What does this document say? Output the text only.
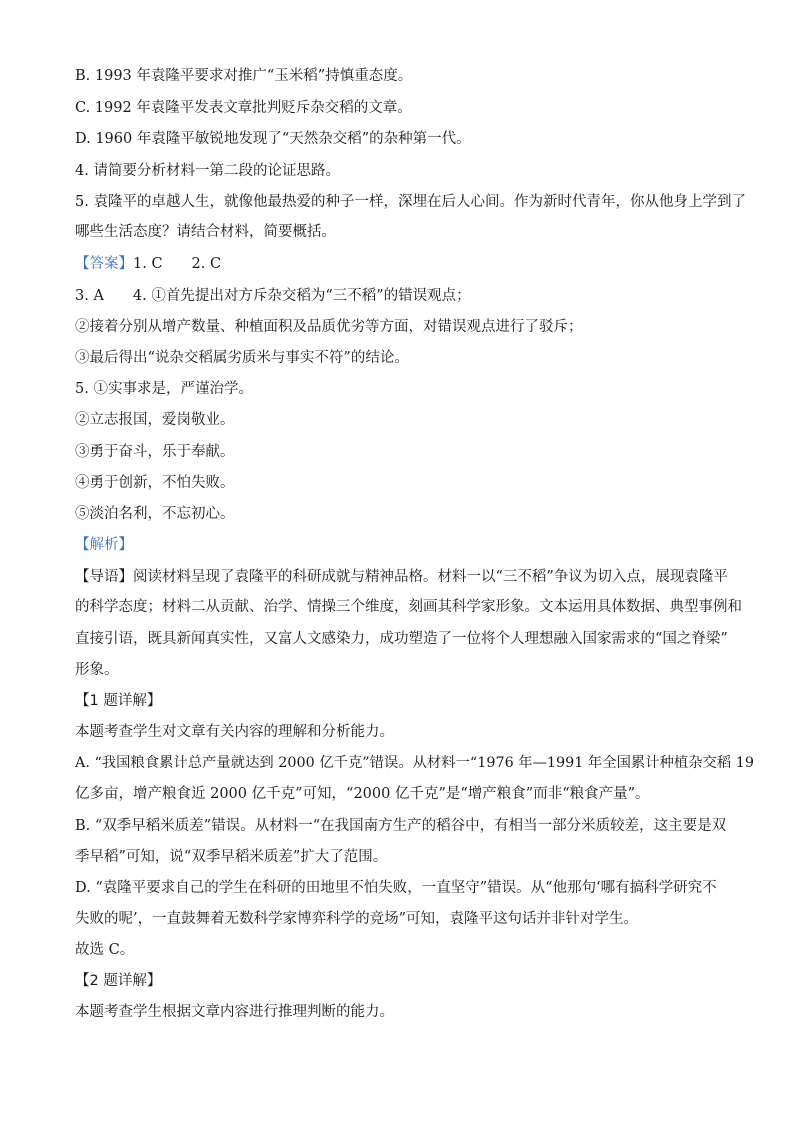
B. 1993 年袁隆平要求对推广“玉米稻”持慎重态度。
C. 1992 年袁隆平发表文章批判贬斥杂交稻的文章。
D. 1960 年袁隆平敏锐地发现了“天然杂交稻”的杂种第一代。
4. 请简要分析材料一第二段的论证思路。
5. 袁隆平的卓越人生，就像他最热爱的种子一样，深埋在后人心间。作为新时代青年，你从他身上学到了
哪些生活态度？请结合材料，简要概括。
【答案】1. C　　2. C
3. A　　4. ①首先提出对方斥杂交稻为“三不稻”的错误观点；
②接着分别从增产数量、种植面积及品质优劣等方面，对错误观点进行了驳斥；
③最后得出“说杂交稻属劣质米与事实不符”的结论。
5. ①实事求是，严谨治学。
②立志报国，爱岗敬业。
③勇于奋斗，乐于奉献。
④勇于创新，不怕失败。
⑤淡泊名利，不忘初心。
【解析】
【导语】阅读材料呈现了袁隆平的科研成就与精神品格。材料一以“三不稻”争议为切入点，展现袁隆平
的科学态度；材料二从贡献、治学、情操三个维度，刻画其科学家形象。文本运用具体数据、典型事例和
直接引语，既具新闻真实性，又富人文感染力，成功塑造了一位将个人理想融入国家需求的“国之脊梁”
形象。
【1 题详解】
本题考查学生对文章有关内容的理解和分析能力。
A. “我国粮食累计总产量就达到 2000 亿千克”错误。从材料一“1976 年—1991 年全国累计种植杂交稻 19
亿多亩，增产粮食近 2000 亿千克”可知，“2000 亿千克”是“增产粮食”而非“粮食产量”。
B. “双季早稻米质差”错误。从材料一“在我国南方生产的稻谷中，有相当一部分米质较差，这主要是双
季早稻”可知，说“双季早稻米质差”扩大了范围。
D. “袁隆平要求自己的学生在科研的田地里不怕失败，一直坚守”错误。从“他那句‘哪有搞科学研究不
失败的呢’，一直鼓舞着无数科学家博弈科学的竞场”可知，袁隆平这句话并非针对学生。
故选 C。
【2 题详解】
本题考查学生根据文章内容进行推理判断的能力。
